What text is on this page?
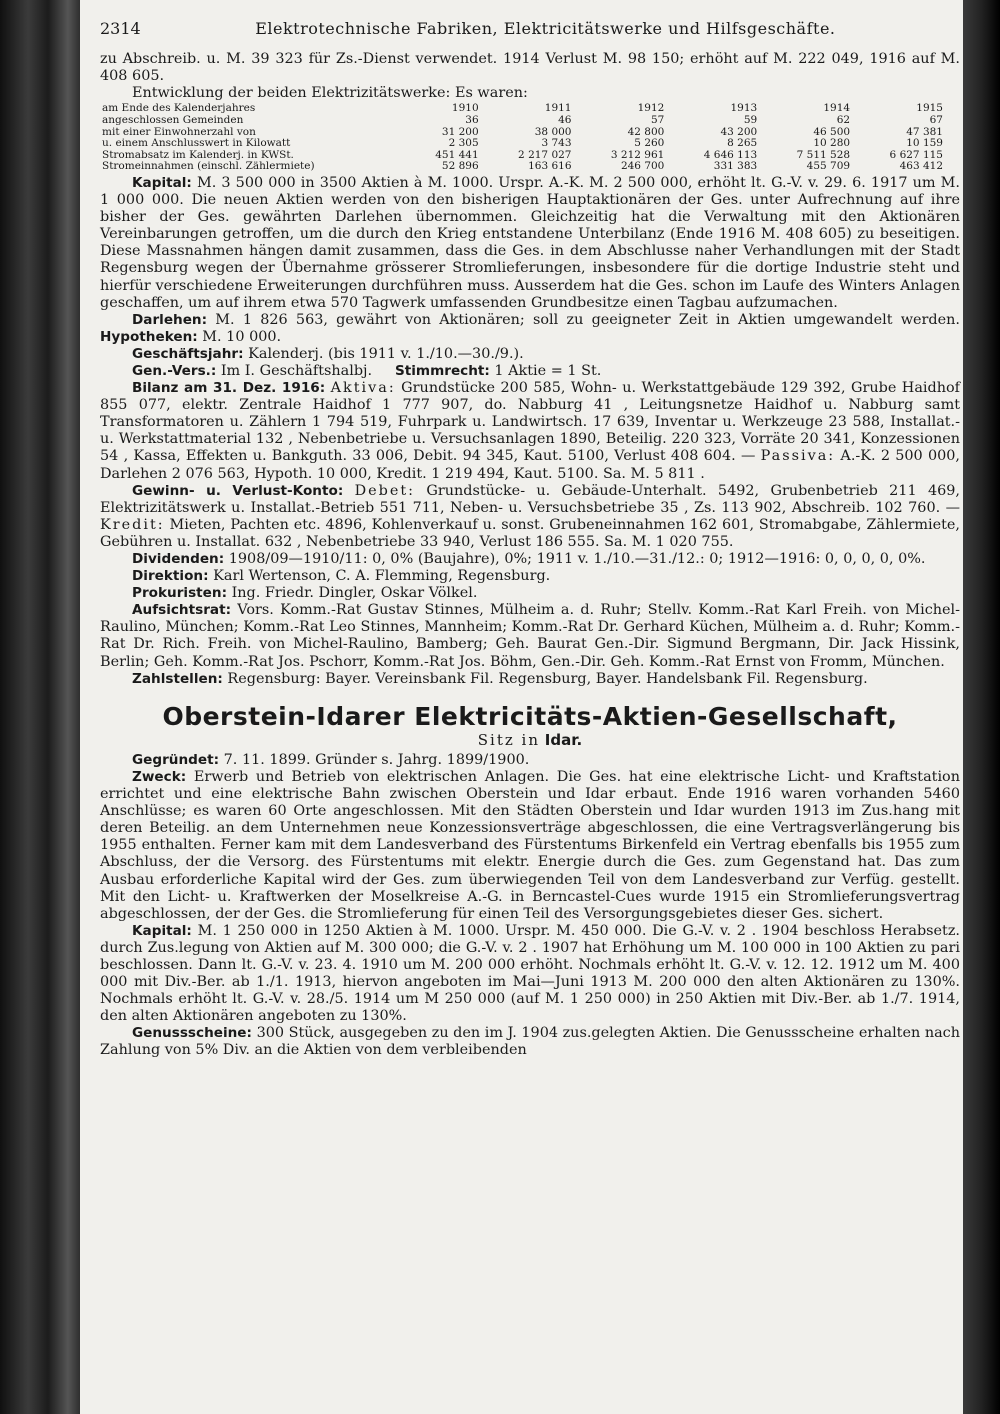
2314	Elektrotechnische Fabriken, Elektricitätswerke und Hilfsgeschäfte.

zu Abschreib. u. M. 39 323 für Zs.-Dienst verwendet. 1914 Verlust M. 98 150; erhöht auf M. 222 049, 1916 auf M. 408 605.

Entwicklung der beiden Elektrizitätswerke: Es waren:

am Ende des Kalenderjahres	1910	1911	1912	1913	1914	1915
angeschlossen Gemeinden	36	46	57	59	62	67
mit einer Einwohnerzahl von	31 200	38 000	42 800	43 200	46 500	47 381
u. einem Anschlusswert in Kilowatt	2 305	3 743	5 260	8 265	10 280	10 159
Stromabsatz im Kalenderj. in KWSt.	451 441	2 217 027	3 212 961	4 646 113	7 511 528	6 627 115
Stromeinnahmen (einschl. Zählermiete)	52 896	163 616	246 700	331 383	455 709	463 412

Kapital: M. 3 500 000 in 3500 Aktien à M. 1000. Urspr. A.-K. M. 2 500 000, erhöht lt. G.-V. v. 29. 6. 1917 um M. 1 000 000. Die neuen Aktien werden von den bisherigen Hauptaktionären der Ges. unter Aufrechnung auf ihre bisher der Ges. gewährten Darlehen übernommen. Gleichzeitig hat die Verwaltung mit den Aktionären Vereinbarungen getroffen, um die durch den Krieg entstandene Unterbilanz (Ende 1916 M. 408 605) zu beseitigen. Diese Massnahmen hängen damit zusammen, dass die Ges. in dem Abschlusse naher Verhandlungen mit der Stadt Regensburg wegen der Übernahme grösserer Stromlieferungen, insbesondere für die dortige Industrie steht und hierfür verschiedene Erweiterungen durchführen muss. Ausserdem hat die Ges. schon im Laufe des Winters Anlagen geschaffen, um auf ihrem etwa 570 Tagwerk umfassenden Grundbesitze einen Tagbau aufzumachen.

Darlehen: M. 1 826 563, gewährt von Aktionären; soll zu geeigneter Zeit in Aktien umgewandelt werden. Hypotheken: M. 10 000.

Geschäftsjahr: Kalenderj. (bis 1911 v. 1./10.—30./9.).

Gen.-Vers.: Im I. Geschäftshalbj. Stimmrecht: 1 Aktie = 1 St.

Bilanz am 31. Dez. 1916: Aktiva: Grundstücke 200 585, Wohn- u. Werkstattgebäude 129 392, Grube Haidhof 855 077, elektr. Zentrale Haidhof 1 777 907, do. Nabburg 41 , Leitungsnetze Haidhof u. Nabburg samt Transformatoren u. Zählern 1 794 519, Fuhrpark u. Landwirtsch. 17 639, Inventar u. Werkzeuge 23 588, Installat.- u. Werkstattmaterial 132 , Nebenbetriebe u. Versuchsanlagen 1890, Beteilig. 220 323, Vorräte 20 341, Konzessionen 54 , Kassa, Effekten u. Bankguth. 33 006, Debit. 94 345, Kaut. 5100, Verlust 408 604. — Passiva: A.-K. 2 500 000, Darlehen 2 076 563, Hypoth. 10 000, Kredit. 1 219 494, Kaut. 5100. Sa. M. 5 811 .

Gewinn- u. Verlust-Konto: Debet: Grundstücke- u. Gebäude-Unterhalt. 5492, Grubenbetrieb 211 469, Elektrizitätswerk u. Installat.-Betrieb 551 711, Neben- u. Versuchsbetriebe 35 , Zs. 113 902, Abschreib. 102 760. — Kredit: Mieten, Pachten etc. 4896, Kohlenverkauf u. sonst. Grubeneinnahmen 162 601, Stromabgabe, Zählermiete, Gebühren u. Installat. 632 , Nebenbetriebe 33 940, Verlust 186 555. Sa. M. 1 020 755.

Dividenden: 1908/09—1910/11: 0, 0% (Baujahre), 0%; 1911 v. 1./10.—31./12.: 0; 1912—1916: 0, 0, 0, 0, 0%.

Direktion: Karl Wertenson, C. A. Flemming, Regensburg.

Prokuristen: Ing. Friedr. Dingler, Oskar Völkel.

Aufsichtsrat: Vors. Komm.-Rat Gustav Stinnes, Mülheim a. d. Ruhr; Stellv. Komm.-Rat Karl Freih. von Michel-Raulino, München; Komm.-Rat Leo Stinnes, Mannheim; Komm.-Rat Dr. Gerhard Küchen, Mülheim a. d. Ruhr; Komm.-Rat Dr. Rich. Freih. von Michel-Raulino, Bamberg; Geh. Baurat Gen.-Dir. Sigmund Bergmann, Dir. Jack Hissink, Berlin; Geh. Komm.-Rat Jos. Pschorr, Komm.-Rat Jos. Böhm, Gen.-Dir. Geh. Komm.-Rat Ernst von Fromm, München.

Zahlstellen: Regensburg: Bayer. Vereinsbank Fil. Regensburg, Bayer. Handelsbank Fil. Regensburg.

Oberstein-Idarer Elektricitäts-Aktien-Gesellschaft,
Sitz in Idar.

Gegründet: 7. 11. 1899. Gründer s. Jahrg. 1899/1900.

Zweck: Erwerb und Betrieb von elektrischen Anlagen. Die Ges. hat eine elektrische Licht- und Kraftstation errichtet und eine elektrische Bahn zwischen Oberstein und Idar erbaut. Ende 1916 waren vorhanden 5460 Anschlüsse; es waren 60 Orte angeschlossen. Mit den Städten Oberstein und Idar wurden 1913 im Zus.hang mit deren Beteilig. an dem Unternehmen neue Konzessionsverträge abgeschlossen, die eine Vertragsverlängerung bis 1955 enthalten. Ferner kam mit dem Landesverband des Fürstentums Birkenfeld ein Vertrag ebenfalls bis 1955 zum Abschluss, der die Versorg. des Fürstentums mit elektr. Energie durch die Ges. zum Gegenstand hat. Das zum Ausbau erforderliche Kapital wird der Ges. zum überwiegenden Teil von dem Landesverband zur Verfüg. gestellt. Mit den Licht- u. Kraftwerken der Moselkreise A.-G. in Berncastel-Cues wurde 1915 ein Stromlieferungsvertrag abgeschlossen, der der Ges. die Stromlieferung für einen Teil des Versorgungsgebietes dieser Ges. sichert.

Kapital: M. 1 250 000 in 1250 Aktien à M. 1000. Urspr. M. 450 000. Die G.-V. v. 2 . 1904 beschloss Herabsetz. durch Zus.legung von Aktien auf M. 300 000; die G.-V. v. 2 . 1907 hat Erhöhung um M. 100 000 in 100 Aktien zu pari beschlossen. Dann lt. G.-V. v. 23. 4. 1910 um M. 200 000 erhöht. Nochmals erhöht lt. G.-V. v. 12. 12. 1912 um M. 400 000 mit Div.-Ber. ab 1./1. 1913, hiervon angeboten im Mai—Juni 1913 M. 200 000 den alten Aktionären zu 130%. Nochmals erhöht lt. G.-V. v. 28./5. 1914 um M 250 000 (auf M. 1 250 000) in 250 Aktien mit Div.-Ber. ab 1./7. 1914, den alten Aktionären angeboten zu 130%.

Genussscheine: 300 Stück, ausgegeben zu den im J. 1904 zus.gelegten Aktien. Die Genussscheine erhalten nach Zahlung von 5% Div. an die Aktien von dem verbleibenden
